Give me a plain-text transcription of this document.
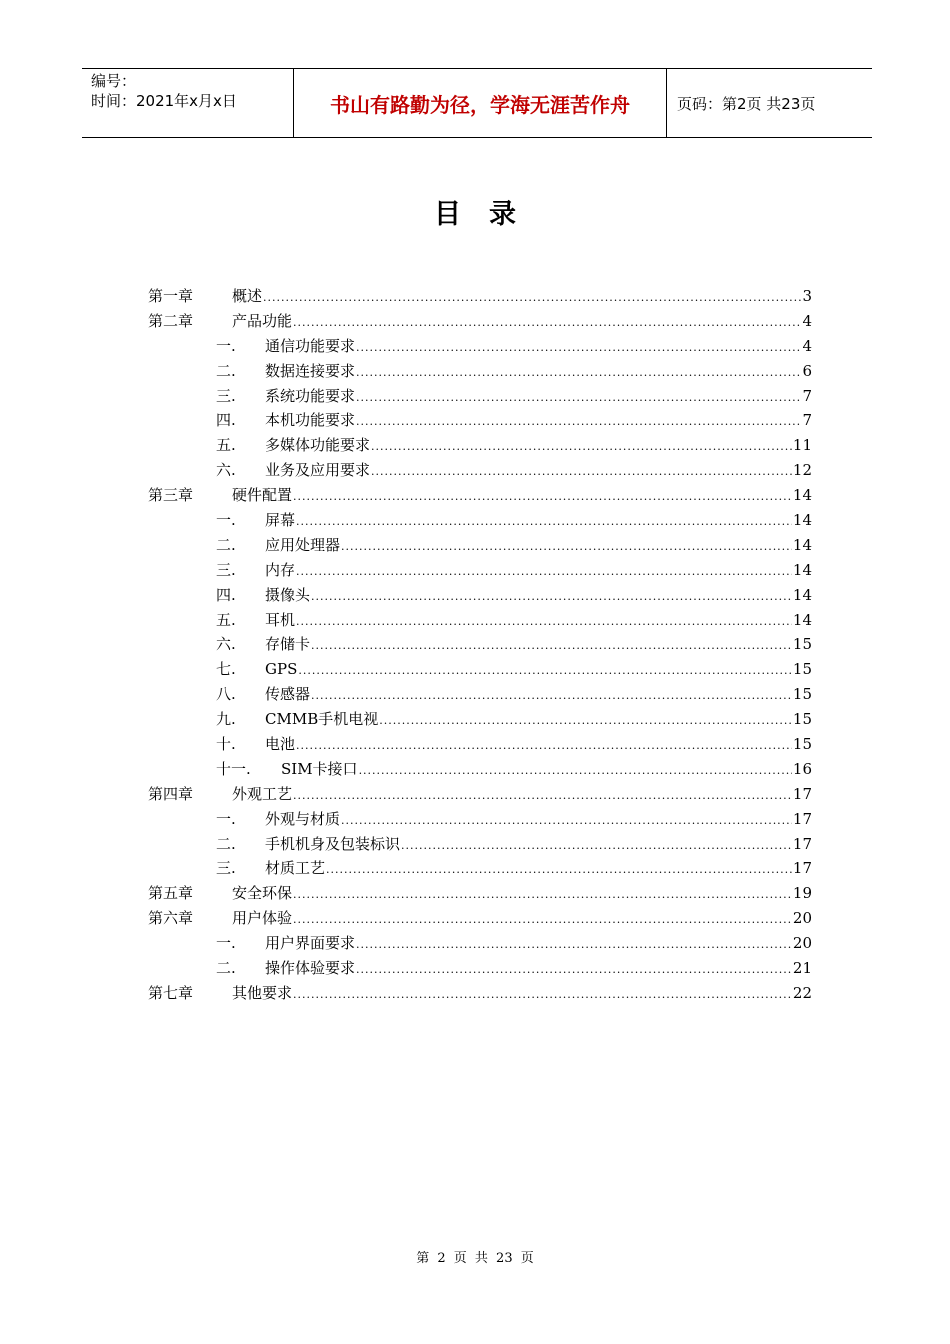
编号：
时间：2021年x月x日	书山有路勤为径，学海无涯苦作舟	页码：第2页 共23页
目录
第一章	概述 .....	3
第二章	产品功能 .....	4
一.	通信功能要求 .....	4
二.	数据连接要求 .....	6
三.	系统功能要求 .....	7
四.	本机功能要求 .....	7
五.	多媒体功能要求 .....	11
六.	业务及应用要求 .....	12
第三章	硬件配置 .....	14
一.	屏幕 .....	14
二.	应用处理器 .....	14
三.	内存 .....	14
四.	摄像头 .....	14
五.	耳机 .....	14
六.	存储卡 .....	15
七.	GPS .....	15
八.	传感器 .....	15
九.	CMMB手机电视 .....	15
十.	电池 .....	15
十一.	SIM卡接口 .....	16
第四章	外观工艺 .....	17
一.	外观与材质 .....	17
二.	手机机身及包装标识 .....	17
三.	材质工艺 .....	17
第五章	安全环保 .....	19
第六章	用户体验 .....	20
一.	用户界面要求 .....	20
二.	操作体验要求 .....	21
第七章	其他要求 .....	22
第 2 页 共 23 页
